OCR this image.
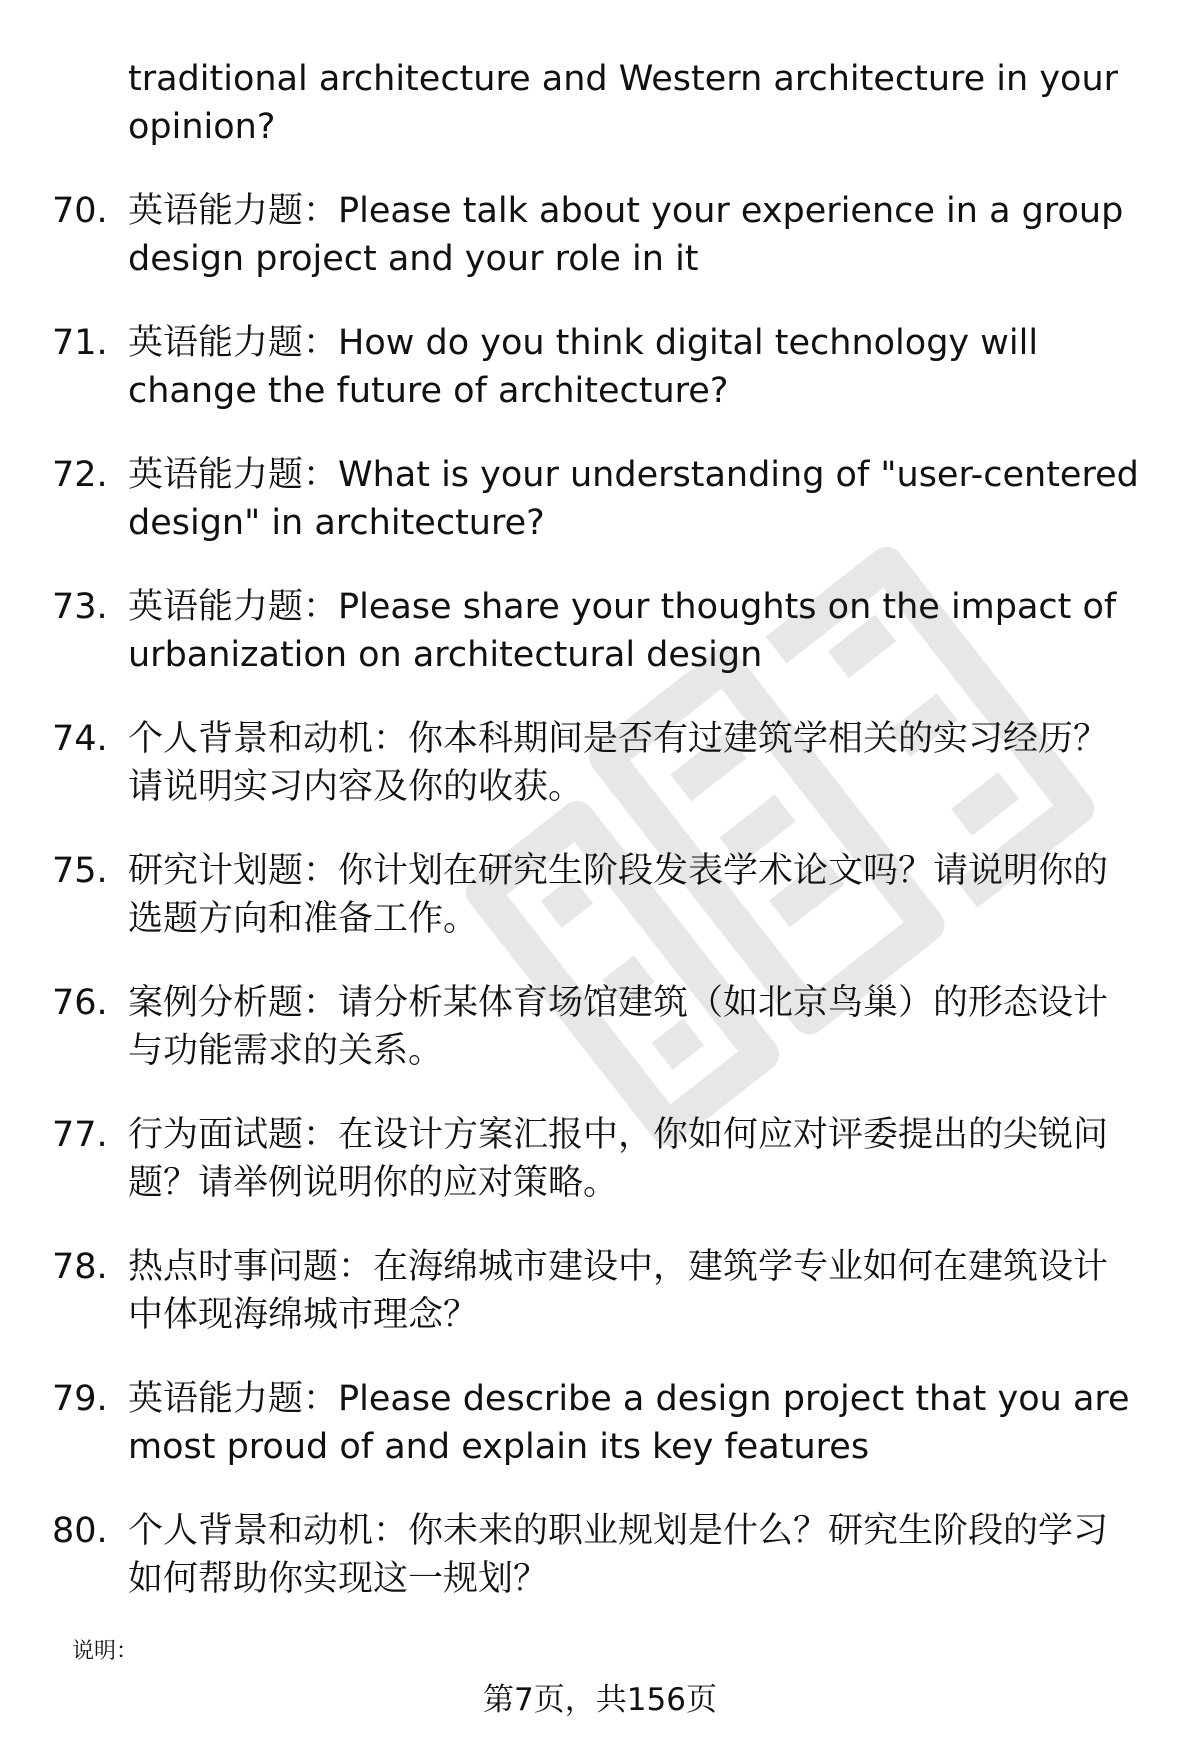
traditional architecture and Western architecture in your opinion?
70. 英语能力题：Please talk about your experience in a group design project and your role in it
71. 英语能力题：How do you think digital technology will change the future of architecture?
72. 英语能力题：What is your understanding of "user-centered design" in architecture?
73. 英语能力题：Please share your thoughts on the impact of urbanization on architectural design
74. 个人背景和动机：你本科期间是否有过建筑学相关的实习经历？请说明实习内容及你的收获。
75. 研究计划题：你计划在研究生阶段发表学术论文吗？请说明你的选题方向和准备工作。
76. 案例分析题：请分析某体育场馆建筑（如北京鸟巢）的形态设计与功能需求的关系。
77. 行为面试题：在设计方案汇报中，你如何应对评委提出的尖锐问题？请举例说明你的应对策略。
78. 热点时事问题：在海绵城市建设中，建筑学专业如何在建筑设计中体现海绵城市理念？
79. 英语能力题：Please describe a design project that you are most proud of and explain its key features
80. 个人背景和动机：你未来的职业规划是什么？研究生阶段的学习如何帮助你实现这一规划？
说明：
第7页，共156页
